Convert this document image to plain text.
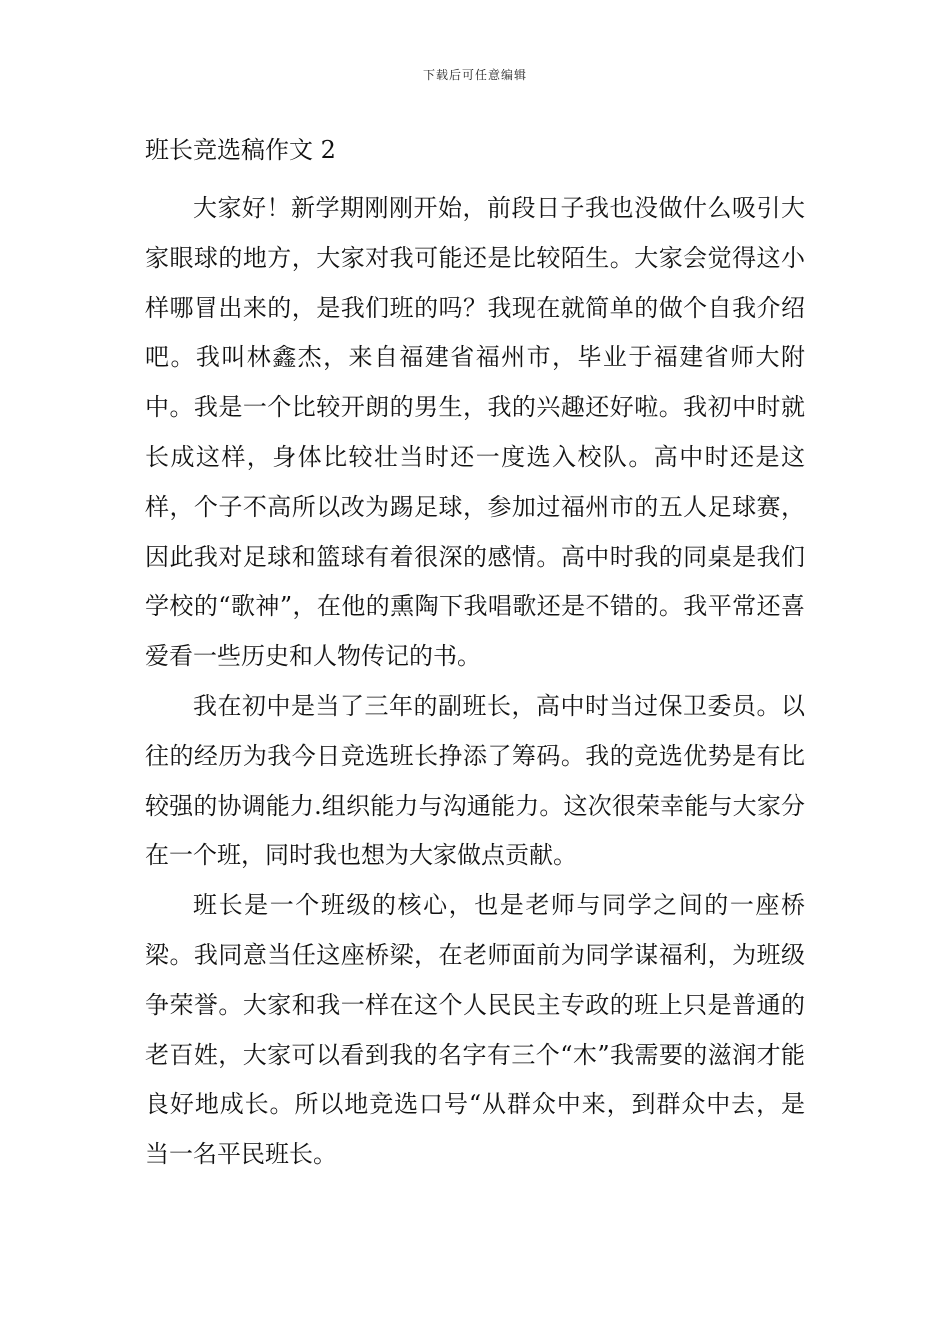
下载后可任意编辑
班长竞选稿作文 2

大家好！新学期刚刚开始，前段日子我也没做什么吸引大家眼球的地方，大家对我可能还是比较陌生。大家会觉得这小样哪冒出来的，是我们班的吗？我现在就简单的做个自我介绍吧。我叫林鑫杰，来自福建省福州市，毕业于福建省师大附中。我是一个比较开朗的男生，我的兴趣还好啦。我初中时就长成这样，身体比较壮当时还一度选入校队。高中时还是这样，个子不高所以改为踢足球，参加过福州市的五人足球赛，因此我对足球和篮球有着很深的感情。高中时我的同桌是我们学校的“歌神”，在他的熏陶下我唱歌还是不错的。我平常还喜爱看一些历史和人物传记的书。

我在初中是当了三年的副班长，高中时当过保卫委员。以往的经历为我今日竞选班长挣添了筹码。我的竞选优势是有比较强的协调能力.组织能力与沟通能力。这次很荣幸能与大家分在一个班，同时我也想为大家做点贡献。

班长是一个班级的核心，也是老师与同学之间的一座桥梁。我同意当任这座桥梁，在老师面前为同学谋福利，为班级争荣誉。大家和我一样在这个人民民主专政的班上只是普通的老百姓，大家可以看到我的名字有三个“木”我需要的滋润才能良好地成长。所以地竞选口号“从群众中来，到群众中去，是当一名平民班长。
